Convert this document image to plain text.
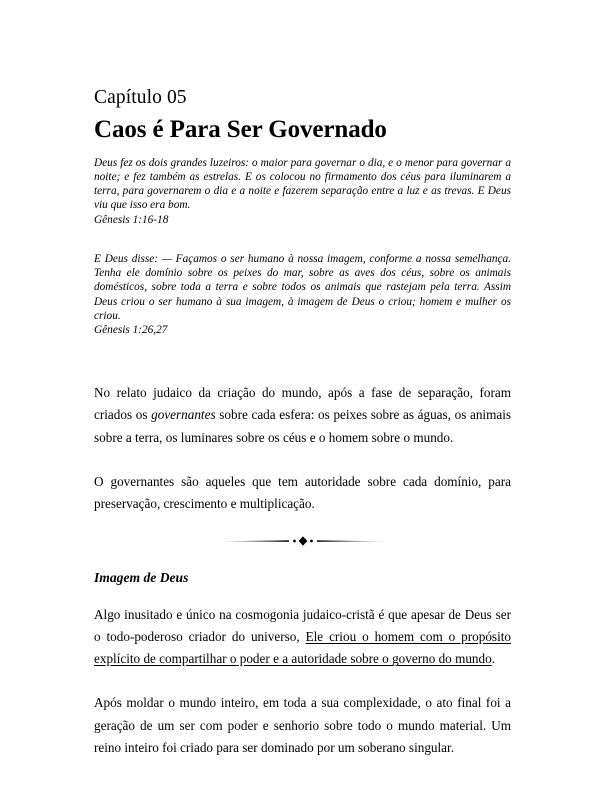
Capítulo 05
Caos é Para Ser Governado
Deus fez os dois grandes luzeiros: o maior para governar o dia, e o menor para governar a noite; e fez também as estrelas. E os colocou no firmamento dos céus para iluminarem a terra, para governarem o dia e a noite e fazerem separação entre a luz e as trevas. E Deus viu que isso era bom.
Gênesis 1:16-18
E Deus disse: — Façamos o ser humano à nossa imagem, conforme a nossa semelhança. Tenha ele domínio sobre os peixes do mar, sobre as aves dos céus, sobre os animais domésticos, sobre toda a terra e sobre todos os animais que rastejam pela terra. Assim Deus criou o ser humano à sua imagem, à imagem de Deus o criou; homem e mulher os criou.
Gênesis 1:26,27

No relato judaico da criação do mundo, após a fase de separação, foram criados os governantes sobre cada esfera: os peixes sobre as águas, os animais sobre a terra, os luminares sobre os céus e o homem sobre o mundo.

O governantes são aqueles que tem autoridade sobre cada domínio, para preservação, crescimento e multiplicação.

Imagem de Deus

Algo inusitado e único na cosmogonia judaico-cristã é que apesar de Deus ser o todo-poderoso criador do universo, Ele criou o homem com o propósito explícito de compartilhar o poder e a autoridade sobre o governo do mundo.

Após moldar o mundo inteiro, em toda a sua complexidade, o ato final foi a geração de um ser com poder e senhorio sobre todo o mundo material. Um reino inteiro foi criado para ser dominado por um soberano singular.
